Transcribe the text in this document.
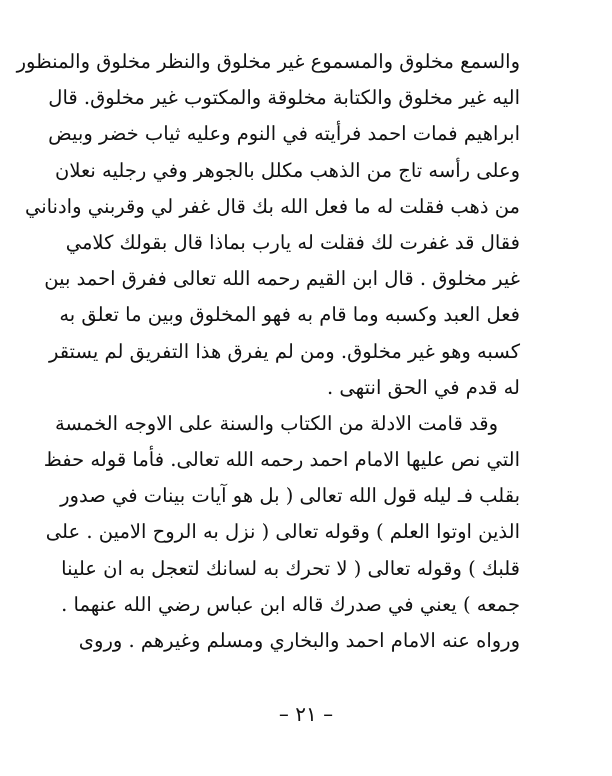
والسمع مخلوق والمسموع غير مخلوق والنظر مخلوق والمنظور
اليه غير مخلوق والكتابة مخلوقة والمكتوب غير مخلوق. قال
ابراهيم فمات احمد فرأيته في النوم وعليه ثياب خضر وبيض
وعلى رأسه تاج من الذهب مكلل بالجوهر وفي رجليه نعلان
من ذهب فقلت له ما فعل الله بك قال غفر لي وقربني وادناني
فقال قد غفرت لك فقلت له يارب بماذا قال بقولك كلامي
غير مخلوق . قال ابن القيم رحمه الله تعالى ففرق احمد بين
فعل العبد وكسبه وما قام به فهو المخلوق وبين ما تعلق به
كسبه وهو غير مخلوق. ومن لم يفرق هذا التفريق لم يستقر
له قدم في الحق انتهى .
وقد قامت الادلة من الكتاب والسنة على الاوجه الخمسة
التي نص عليها الامام احمد رحمه الله تعالى. فأما قوله حفظ
بقلب فـ ليله قول الله تعالى ( بل هو آيات بينات في صدور
الذين اوتوا العلم ) وقوله تعالى ( نزل به الروح الامين . على
قلبك ) وقوله تعالى ( لا تحرك به لسانك لتعجل به ان علينا
جمعه ) يعني في صدرك قاله ابن عباس رضي الله عنهما .
ورواه عنه الامام احمد والبخاري ومسلم وغيرهم . وروى
– ٢١ –
